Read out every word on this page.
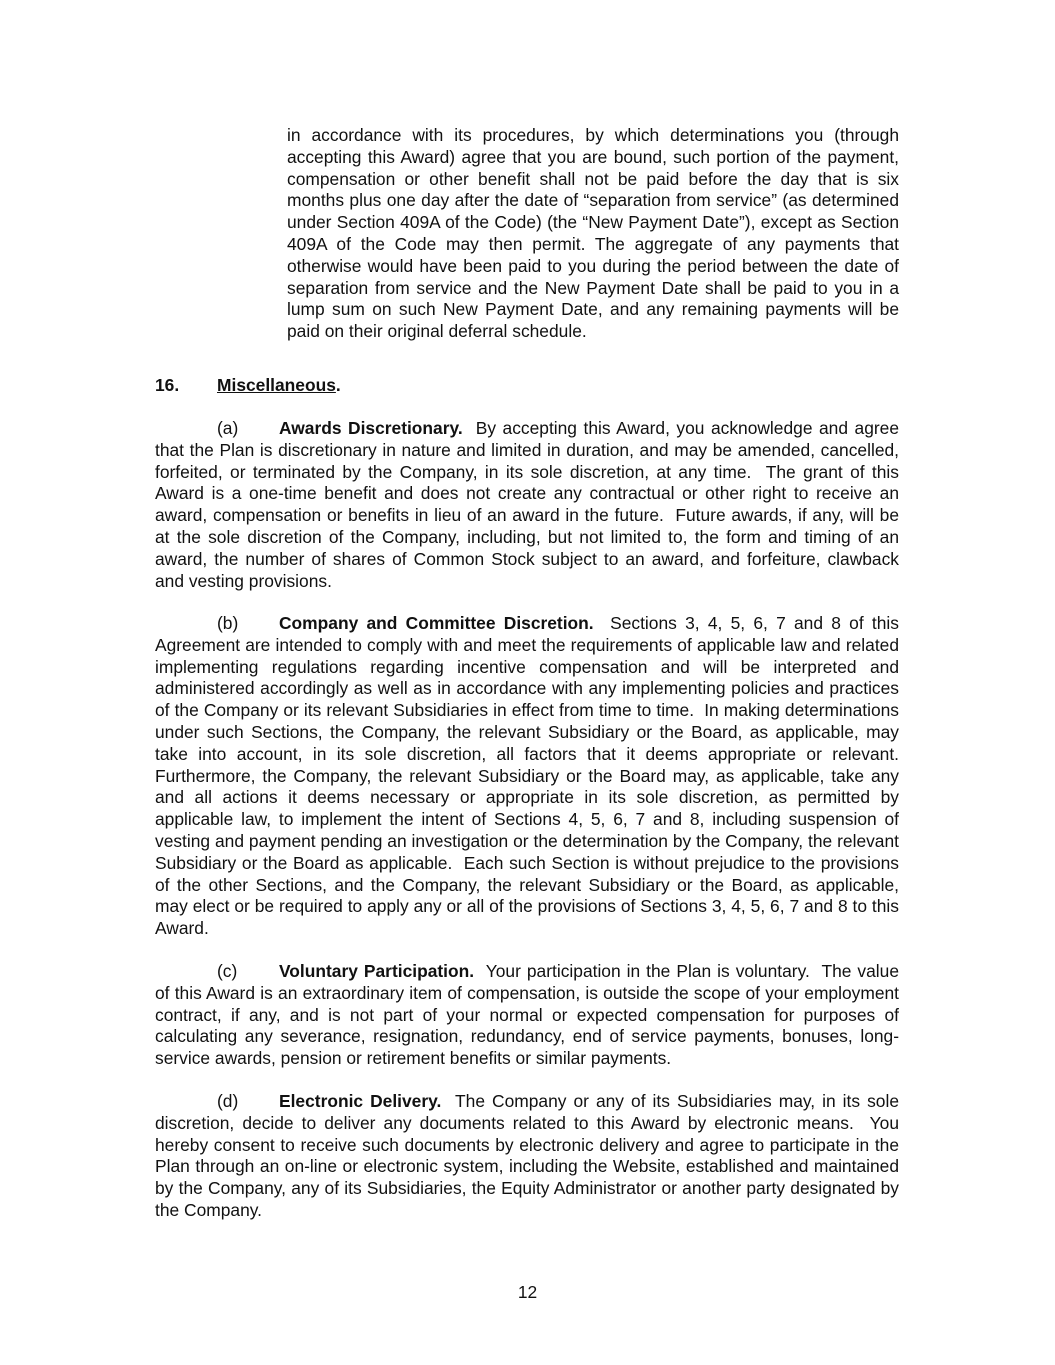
in accordance with its procedures, by which determinations you (through accepting this Award) agree that you are bound, such portion of the payment, compensation or other benefit shall not be paid before the day that is six months plus one day after the date of “separation from service” (as determined under Section 409A of the Code) (the “New Payment Date”), except as Section 409A of the Code may then permit. The aggregate of any payments that otherwise would have been paid to you during the period between the date of separation from service and the New Payment Date shall be paid to you in a lump sum on such New Payment Date, and any remaining payments will be paid on their original deferral schedule.

16. Miscellaneous.

(a) Awards Discretionary.  By accepting this Award, you acknowledge and agree that the Plan is discretionary in nature and limited in duration, and may be amended, cancelled, forfeited, or terminated by the Company, in its sole discretion, at any time.  The grant of this Award is a one-time benefit and does not create any contractual or other right to receive an award, compensation or benefits in lieu of an award in the future.  Future awards, if any, will be at the sole discretion of the Company, including, but not limited to, the form and timing of an award, the number of shares of Common Stock subject to an award, and forfeiture, clawback and vesting provisions.

(b) Company and Committee Discretion.  Sections 3, 4, 5, 6, 7 and 8 of this Agreement are intended to comply with and meet the requirements of applicable law and related implementing regulations regarding incentive compensation and will be interpreted and administered accordingly as well as in accordance with any implementing policies and practices of the Company or its relevant Subsidiaries in effect from time to time.  In making determinations under such Sections, the Company, the relevant Subsidiary or the Board, as applicable, may take into account, in its sole discretion, all factors that it deems appropriate or relevant.  Furthermore, the Company, the relevant Subsidiary or the Board may, as applicable, take any and all actions it deems necessary or appropriate in its sole discretion, as permitted by applicable law, to implement the intent of Sections 4, 5, 6, 7 and 8, including suspension of vesting and payment pending an investigation or the determination by the Company, the relevant Subsidiary or the Board as applicable.  Each such Section is without prejudice to the provisions of the other Sections, and the Company, the relevant Subsidiary or the Board, as applicable, may elect or be required to apply any or all of the provisions of Sections 3, 4, 5, 6, 7 and 8 to this Award.

(c) Voluntary Participation.  Your participation in the Plan is voluntary.  The value of this Award is an extraordinary item of compensation, is outside the scope of your employment contract, if any, and is not part of your normal or expected compensation for purposes of calculating any severance, resignation, redundancy, end of service payments, bonuses, long-service awards, pension or retirement benefits or similar payments.

(d) Electronic Delivery.  The Company or any of its Subsidiaries may, in its sole discretion, decide to deliver any documents related to this Award by electronic means.  You hereby consent to receive such documents by electronic delivery and agree to participate in the Plan through an on-line or electronic system, including the Website, established and maintained by the Company, any of its Subsidiaries, the Equity Administrator or another party designated by the Company.

12
